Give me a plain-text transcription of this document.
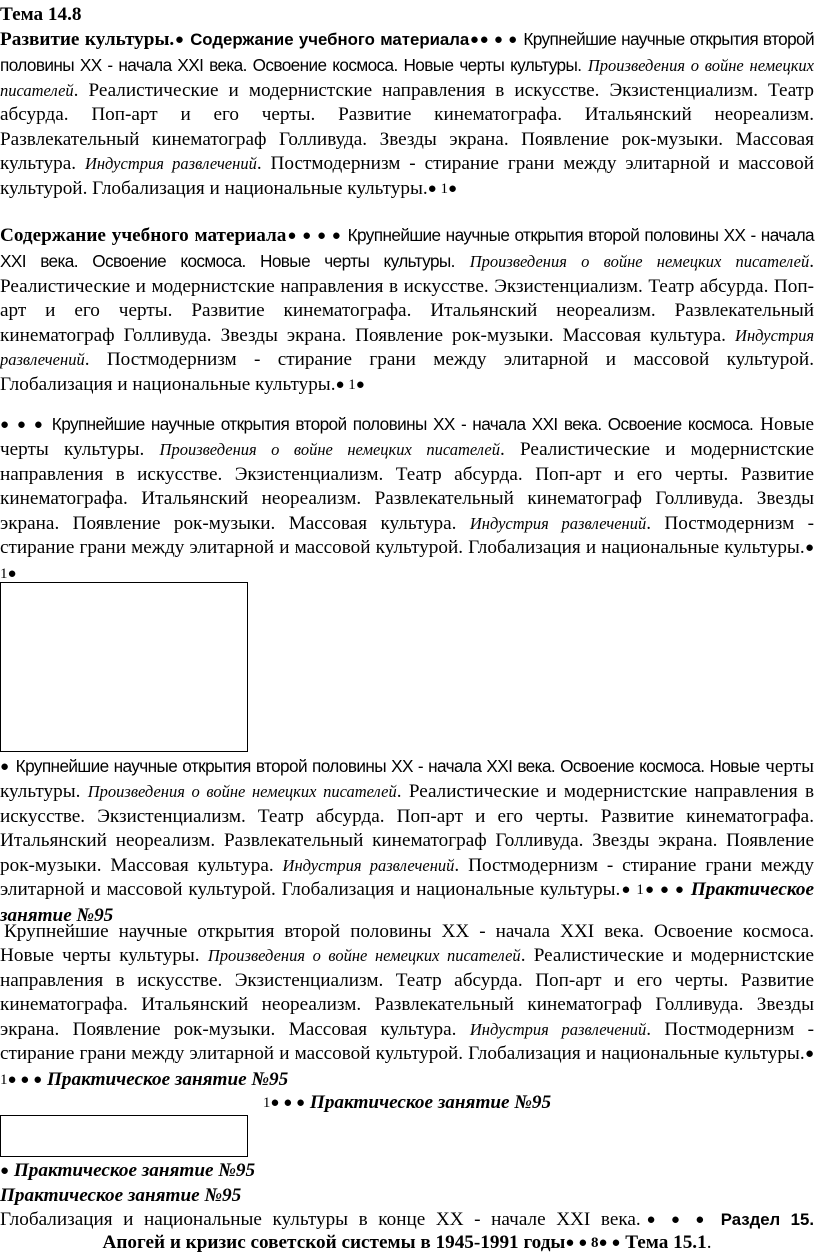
Тема 14.8

Развитие культуры.● Содержание учебного материала●● ● ● Крупнейшие научные открытия второй половины XX - начала XXI века. Освоение космоса. Новые черты культуры. Произведения о войне немецких писателей. Реалистические и модернистские направления в искусстве. Экзистенциализм. Театр абсурда. Поп-арт и его черты. Развитие кинематографа. Итальянский неореализм. Развлекательный кинематограф Голливуда. Звезды экрана. Появление рок-музыки. Массовая культура. Индустрия развлечений. Постмодернизм - стирание грани между элитарной и массовой культурой. Глобализация и национальные культуры.● 1●

Содержание учебного материала● ● ● ● Крупнейшие научные открытия второй половины XX - начала XXI века. Освоение космоса. Новые черты культуры. Произведения о войне немецких писателей. Реалистические и модернистские направления в искусстве. Экзистенциализм. Театр абсурда. Поп-арт и его черты. Развитие кинематографа. Итальянский неореализм. Развлекательный кинематограф Голливуда. Звезды экрана. Появление рок-музыки. Массовая культура. Индустрия развлечений. Постмодернизм - стирание грани между элитарной и массовой культурой. Глобализация и национальные культуры.● 1●

● ● ● Крупнейшие научные открытия второй половины XX - начала XXI века. Освоение космоса. Новые черты культуры. Произведения о войне немецких писателей. Реалистические и модернистские направления в искусстве. Экзистенциализм. Театр абсурда. Поп-арт и его черты. Развитие кинематографа. Итальянский неореализм. Развлекательный кинематограф Голливуда. Звезды экрана. Появление рок-музыки. Массовая культура. Индустрия развлечений. Постмодернизм - стирание грани между элитарной и массовой культурой. Глобализация и национальные культуры.● 1●

● Крупнейшие научные открытия второй половины XX - начала XXI века. Освоение космоса. Новые черты культуры. Произведения о войне немецких писателей. Реалистические и модернистские направления в искусстве. Экзистенциализм. Театр абсурда. Поп-арт и его черты. Развитие кинематографа. Итальянский неореализм. Развлекательный кинематограф Голливуда. Звезды экрана. Появление рок-музыки. Массовая культура. Индустрия развлечений. Постмодернизм - стирание грани между элитарной и массовой культурой. Глобализация и национальные культуры.● 1● ● ● Практическое занятие №95

Крупнейшие научные открытия второй половины XX - начала XXI века. Освоение космоса. Новые черты культуры. Произведения о войне немецких писателей. Реалистические и модернистские направления в искусстве. Экзистенциализм. Театр абсурда. Поп-арт и его черты. Развитие кинематографа. Итальянский неореализм. Развлекательный кинематограф Голливуда. Звезды экрана. Появление рок-музыки. Массовая культура. Индустрия развлечений. Постмодернизм - стирание грани между элитарной и массовой культурой. Глобализация и национальные культуры.● 1● ● ● Практическое занятие №95

1● ● ● Практическое занятие №95

● Практическое занятие №95

Практическое занятие №95

Глобализация и национальные культуры в конце XX - начале XXI века.● ● ● Раздел 15.

Апогей и кризис советской системы в 1945-1991 годы● ● 8● ● Тема 15.1.
